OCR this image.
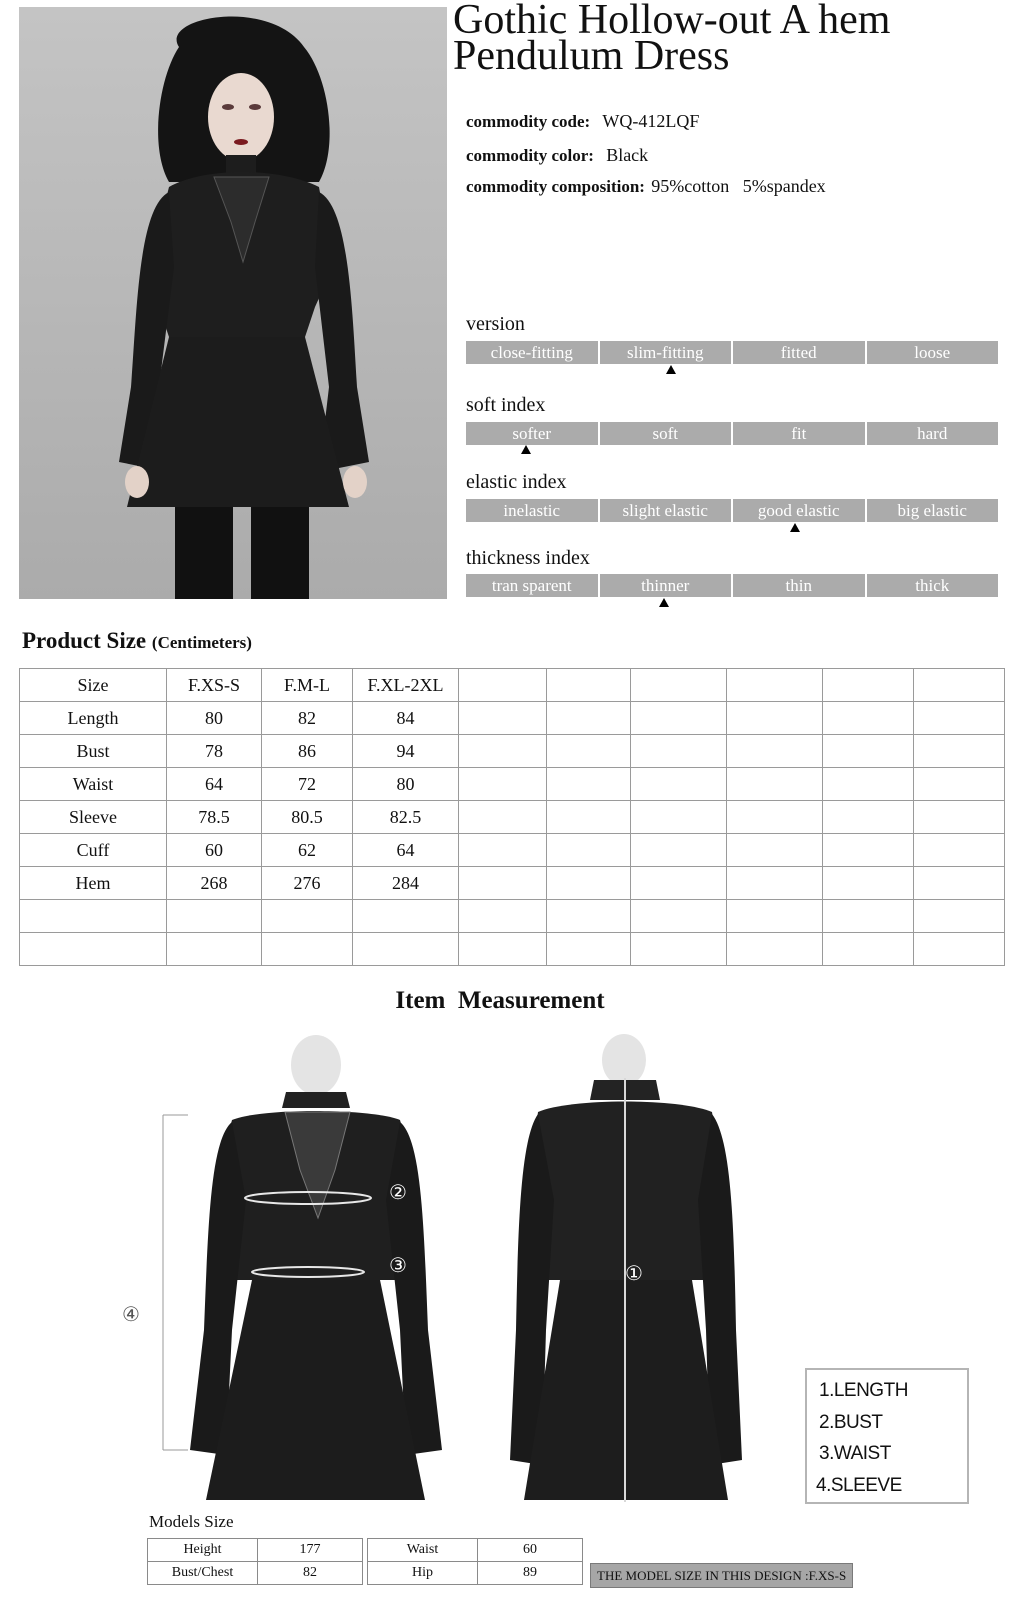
Gothic Hollow-out A hem
Pendulum Dress
commodity code: WQ-412LQF
commodity color: Black
commodity composition: 95%cotton   5%spandex
version
close-fitting	slim-fitting	fitted	loose
soft index
softer	soft	fit	hard
elastic index
inelastic	slight elastic	good elastic	big elastic
thickness index
tran sparent	thinner	thin	thick
Product Size (Centimeters)
Size	F.XS-S	F.M-L	F.XL-2XL						
Length	80	82	84						
Bust	78	86	94						
Waist	64	72	80						
Sleeve	78.5	80.5	82.5						
Cuff	60	62	64						
Hem	268	276	284						

Item  Measurement
②
③
④
①
1.LENGTH
2.BUST
3.WAIST
4.SLEEVE
Models Size
Height	177
Bust/Chest	82
Waist	60
Hip	89	THE MODEL SIZE IN THIS DESIGN :F.XS-S
